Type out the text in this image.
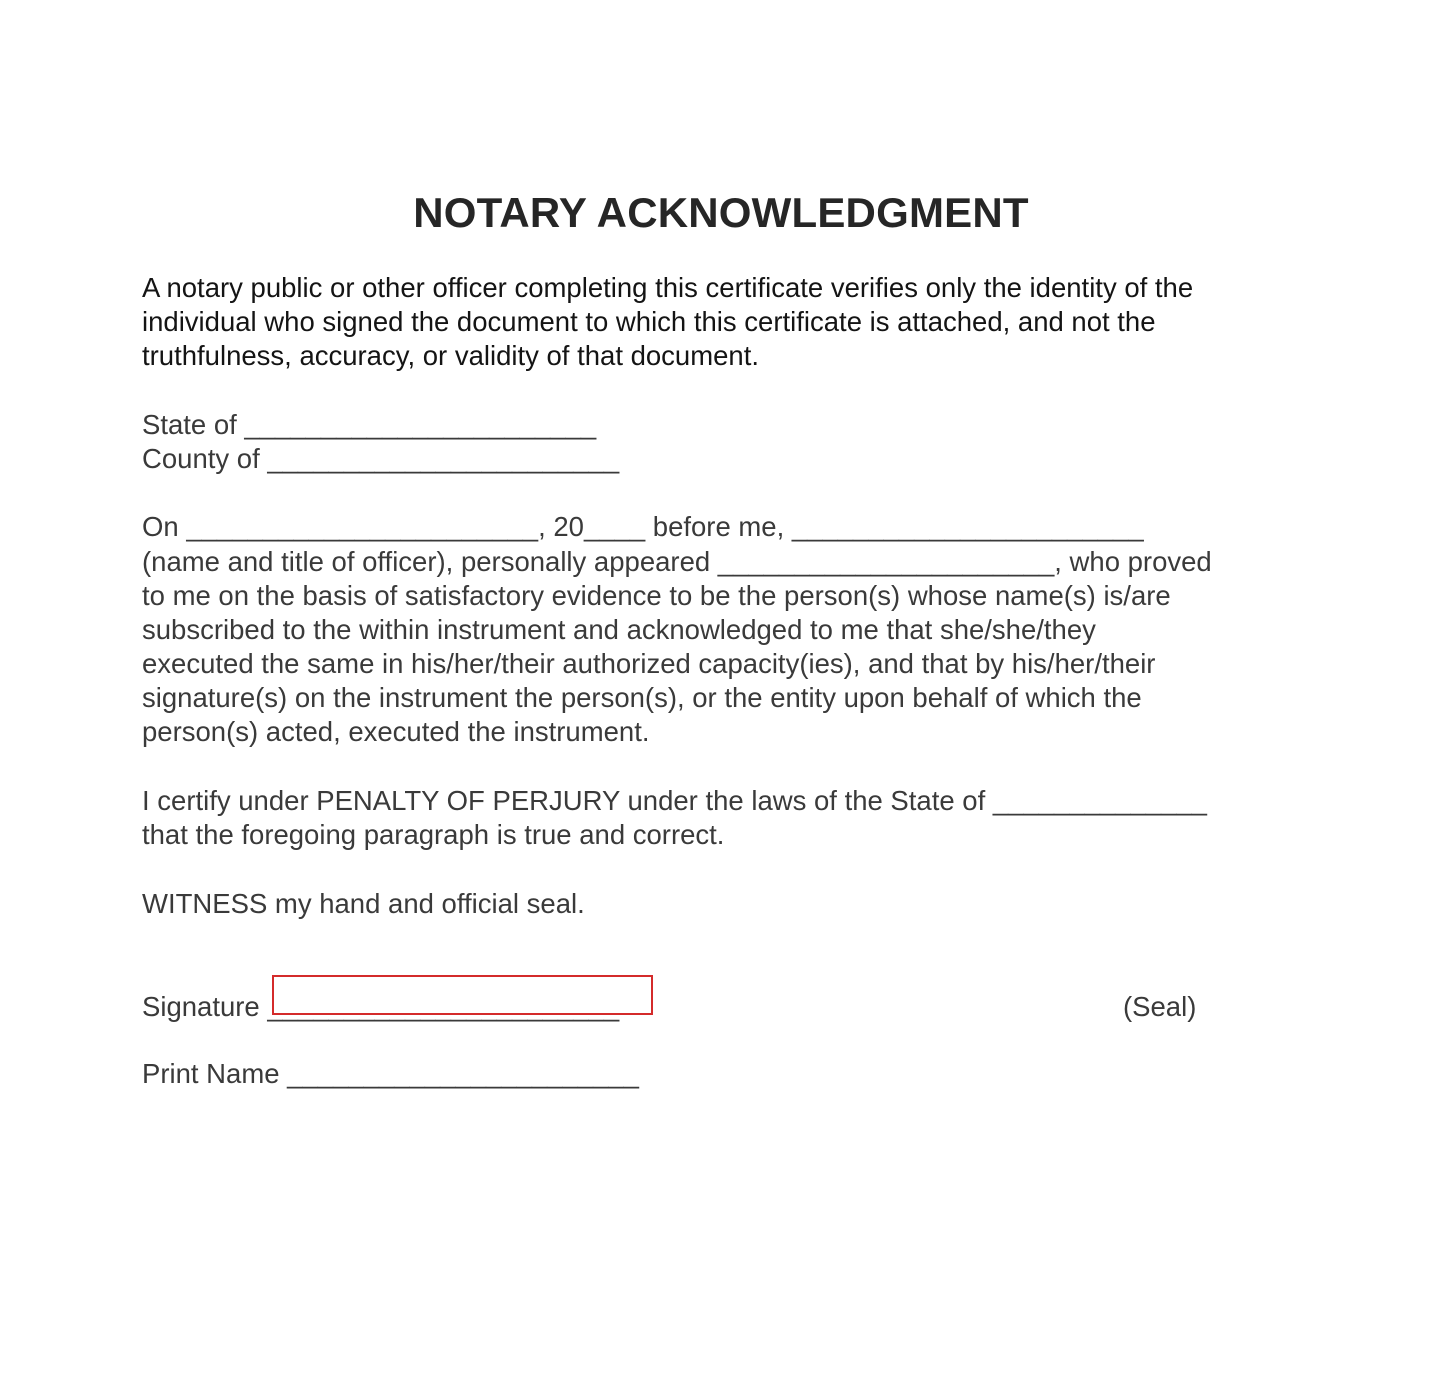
NOTARY ACKNOWLEDGMENT
A notary public or other officer completing this certificate verifies only the identity of the
individual who signed the document to which this certificate is attached, and not the
truthfulness, accuracy, or validity of that document.
State of _______________________
County of _______________________
On _______________________, 20____ before me, _______________________
(name and title of officer), personally appeared ______________________, who proved
to me on the basis of satisfactory evidence to be the person(s) whose name(s) is/are
subscribed to the within instrument and acknowledged to me that she/she/they
executed the same in his/her/their authorized capacity(ies), and that by his/her/their
signature(s) on the instrument the person(s), or the entity upon behalf of which the
person(s) acted, executed the instrument.
I certify under PENALTY OF PERJURY under the laws of the State of ______________
that the foregoing paragraph is true and correct.
WITNESS my hand and official seal.
Signature _______________________	(Seal)
Print Name _______________________
